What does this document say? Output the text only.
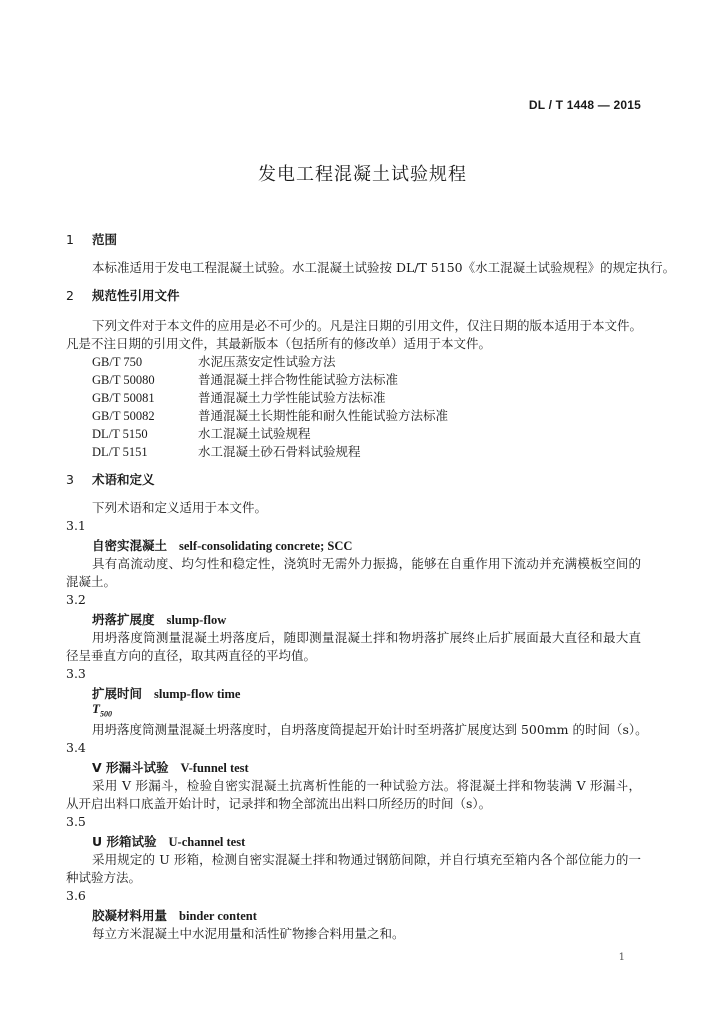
DL / T 1448 — 2015
发电工程混凝土试验规程
1 范围
本标准适用于发电工程混凝土试验。水工混凝土试验按 DL/T 5150《水工混凝土试验规程》的规定执行。
2 规范性引用文件
下列文件对于本文件的应用是必不可少的。凡是注日期的引用文件，仅注日期的版本适用于本文件。
凡是不注日期的引用文件，其最新版本（包括所有的修改单）适用于本文件。
GB/T 750	水泥压蒸安定性试验方法
GB/T 50080	普通混凝土拌合物性能试验方法标准
GB/T 50081	普通混凝土力学性能试验方法标准
GB/T 50082	普通混凝土长期性能和耐久性能试验方法标准
DL/T 5150	水工混凝土试验规程
DL/T 5151	水工混凝土砂石骨料试验规程
3 术语和定义
下列术语和定义适用于本文件。
3.1
自密实混凝土 self-consolidating concrete; SCC
具有高流动度、均匀性和稳定性，浇筑时无需外力振捣，能够在自重作用下流动并充满模板空间的
混凝土。
3.2
坍落扩展度 slump-flow
用坍落度筒测量混凝土坍落度后，随即测量混凝土拌和物坍落扩展终止后扩展面最大直径和最大直
径呈垂直方向的直径，取其两直径的平均值。
3.3
扩展时间 slump-flow time
$T_{500}$
用坍落度筒测量混凝土坍落度时，自坍落度筒提起开始计时至坍落扩展度达到 500mm 的时间（s）。
3.4
V 形漏斗试验 V-funnel test
采用 V 形漏斗，检验自密实混凝土抗离析性能的一种试验方法。将混凝土拌和物装满 V 形漏斗，
从开启出料口底盖开始计时，记录拌和物全部流出出料口所经历的时间（s）。
3.5
U 形箱试验 U-channel test
采用规定的 U 形箱，检测自密实混凝土拌和物通过钢筋间隙，并自行填充至箱内各个部位能力的一
种试验方法。
3.6
胶凝材料用量 binder content
每立方米混凝土中水泥用量和活性矿物掺合料用量之和。
1
